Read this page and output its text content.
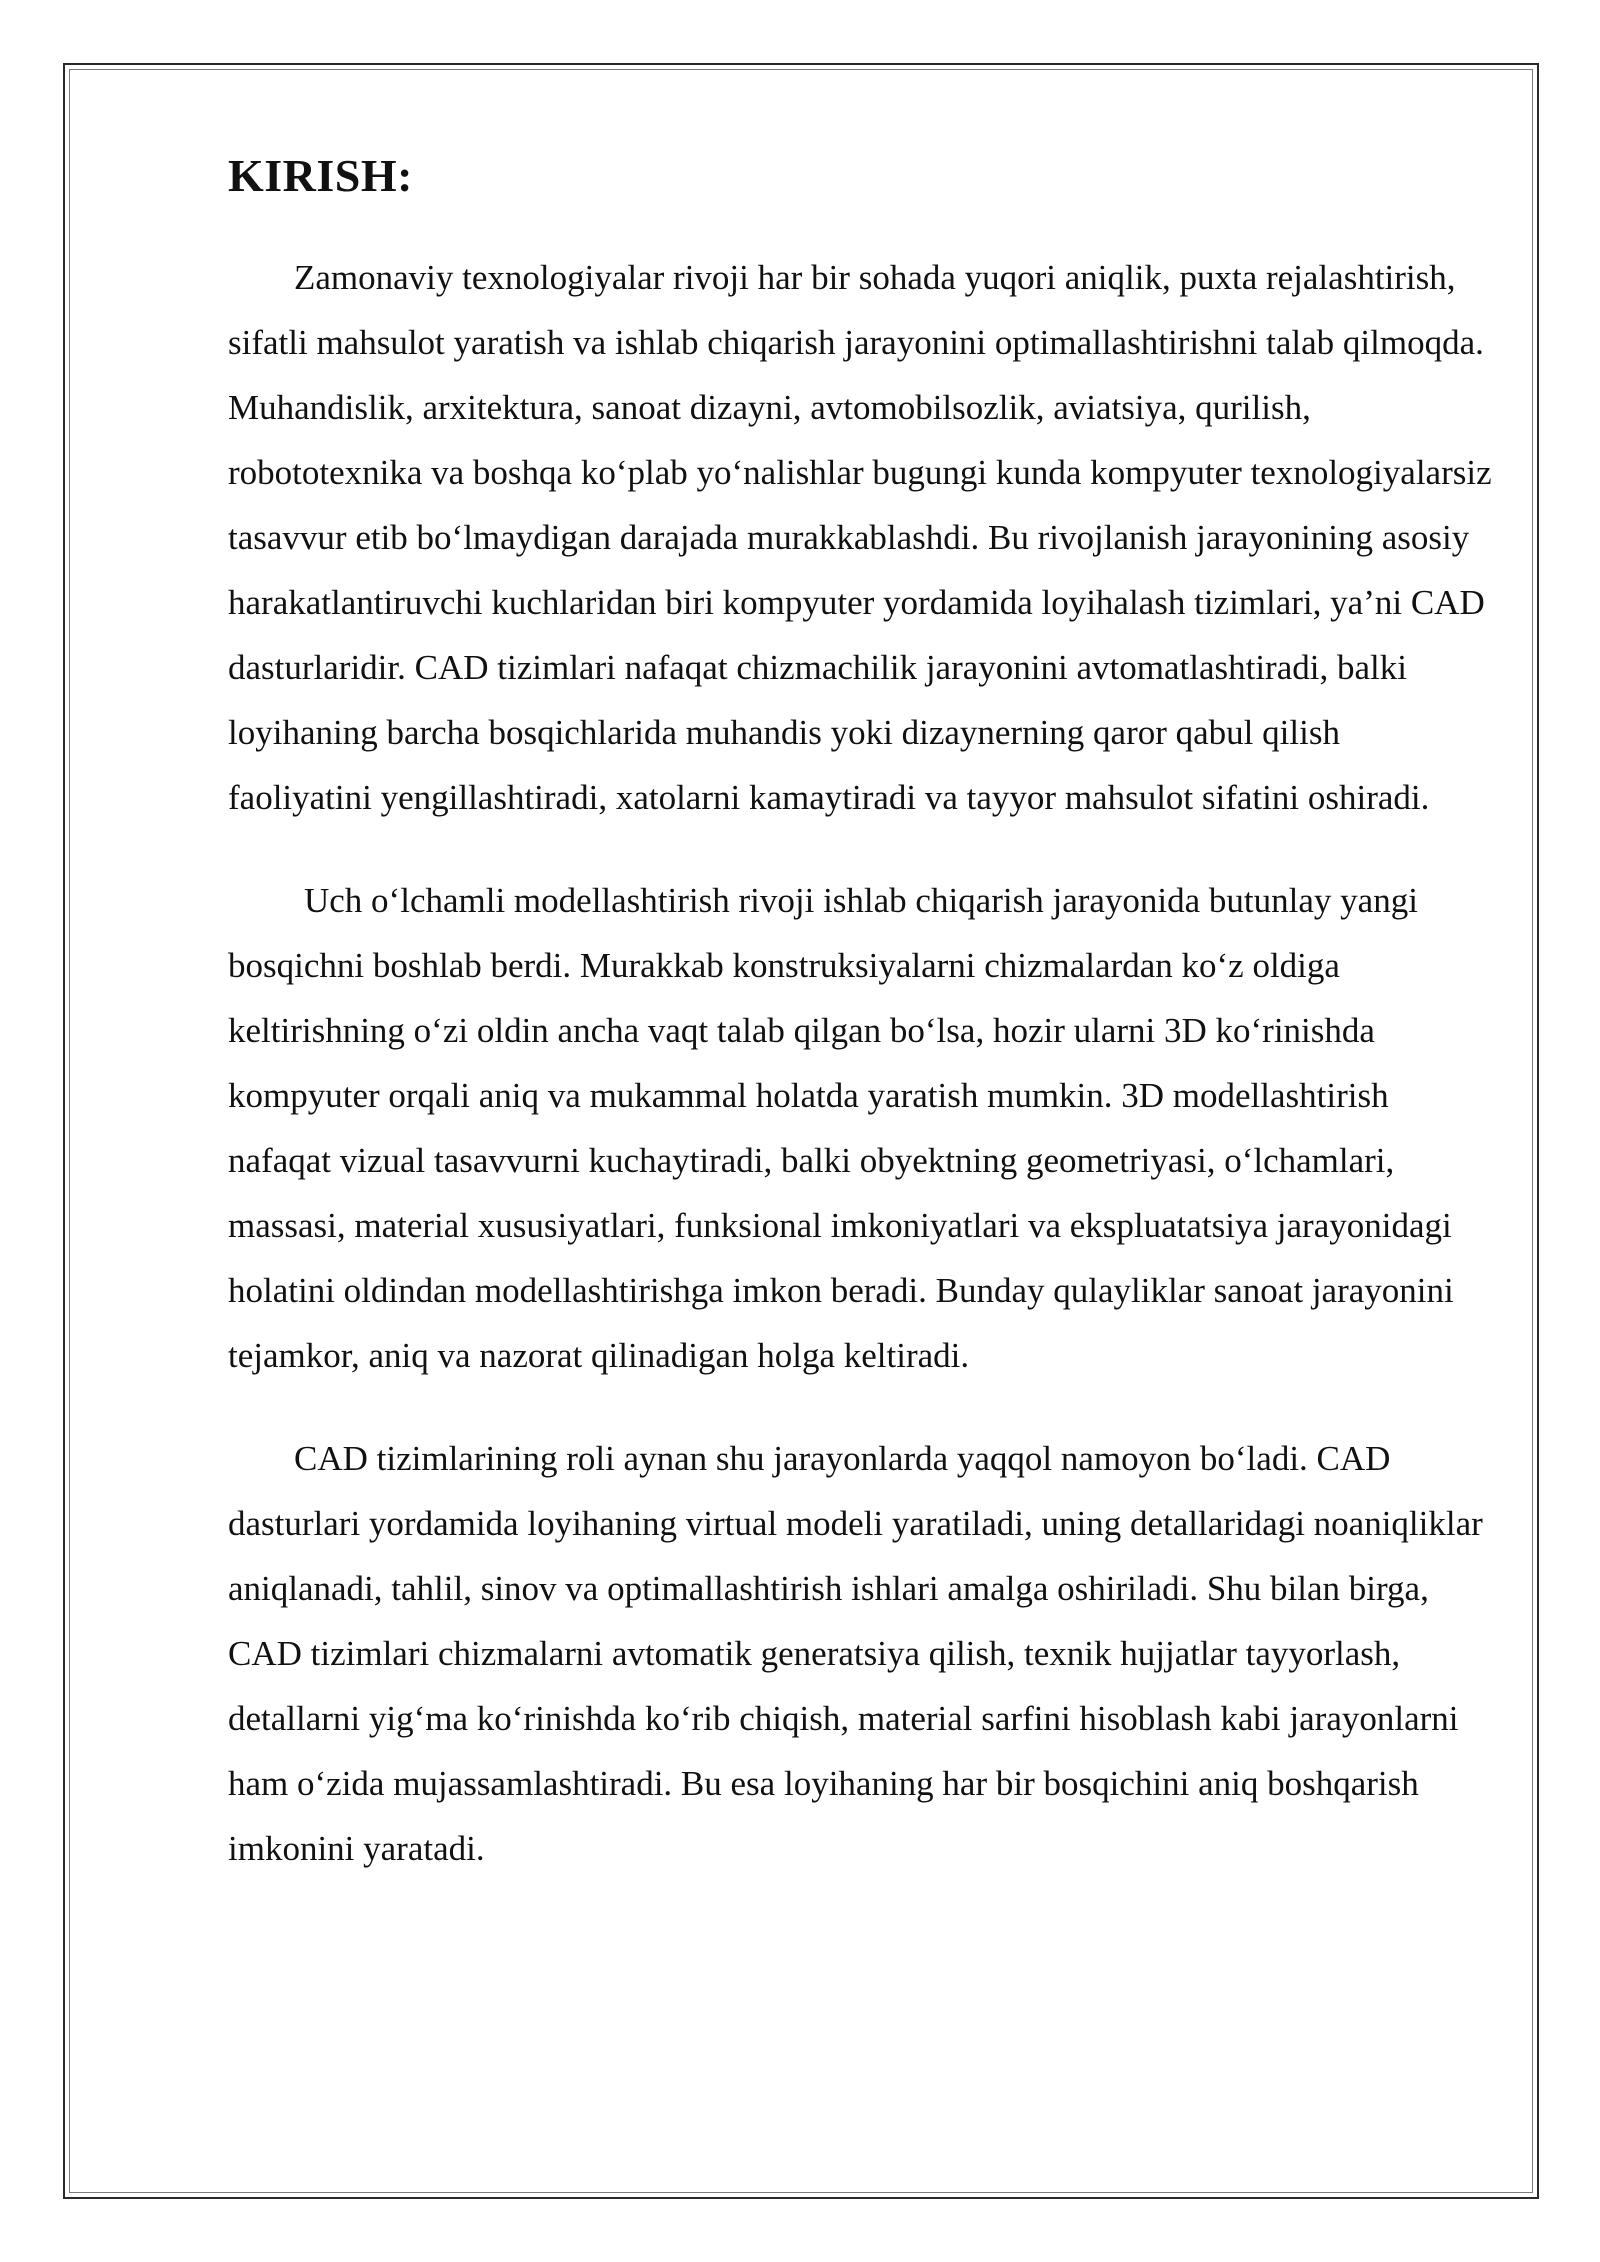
KIRISH:

Zamonaviy texnologiyalar rivoji har bir sohada yuqori aniqlik, puxta rejalashtirish, sifatli mahsulot yaratish va ishlab chiqarish jarayonini optimallashtirishni talab qilmoqda. Muhandislik, arxitektura, sanoat dizayni, avtomobilsozlik, aviatsiya, qurilish, robototexnika va boshqa ko‘plab yo‘nalishlar bugungi kunda kompyuter texnologiyalarsiz tasavvur etib bo‘lmaydigan darajada murakkablashdi. Bu rivojlanish jarayonining asosiy harakatlantiruvchi kuchlaridan biri kompyuter yordamida loyihalash tizimlari, ya’ni CAD dasturlaridir. CAD tizimlari nafaqat chizmachilik jarayonini avtomatlashtiradi, balki loyihaning barcha bosqichlarida muhandis yoki dizaynerning qaror qabul qilish faoliyatini yengillashtiradi, xatolarni kamaytiradi va tayyor mahsulot sifatini oshiradi.

Uch o‘lchamli modellashtirish rivoji ishlab chiqarish jarayonida butunlay yangi bosqichni boshlab berdi. Murakkab konstruksiyalarni chizmalardan ko‘z oldiga keltirishning o‘zi oldin ancha vaqt talab qilgan bo‘lsa, hozir ularni 3D ko‘rinishda kompyuter orqali aniq va mukammal holatda yaratish mumkin. 3D modellashtirish nafaqat vizual tasavvurni kuchaytiradi, balki obyektning geometriyasi, o‘lchamlari, massasi, material xususiyatlari, funksional imkoniyatlari va ekspluatatsiya jarayonidagi holatini oldindan modellashtirishga imkon beradi. Bunday qulayliklar sanoat jarayonini tejamkor, aniq va nazorat qilinadigan holga keltiradi.

CAD tizimlarining roli aynan shu jarayonlarda yaqqol namoyon bo‘ladi. CAD dasturlari yordamida loyihaning virtual modeli yaratiladi, uning detallaridagi noaniqliklar aniqlanadi, tahlil, sinov va optimallashtirish ishlari amalga oshiriladi. Shu bilan birga, CAD tizimlari chizmalarni avtomatik generatsiya qilish, texnik hujjatlar tayyorlash, detallarni yig‘ma ko‘rinishda ko‘rib chiqish, material sarfini hisoblash kabi jarayonlarni ham o‘zida mujassamlashtiradi. Bu esa loyihaning har bir bosqichini aniq boshqarish imkonini yaratadi.
